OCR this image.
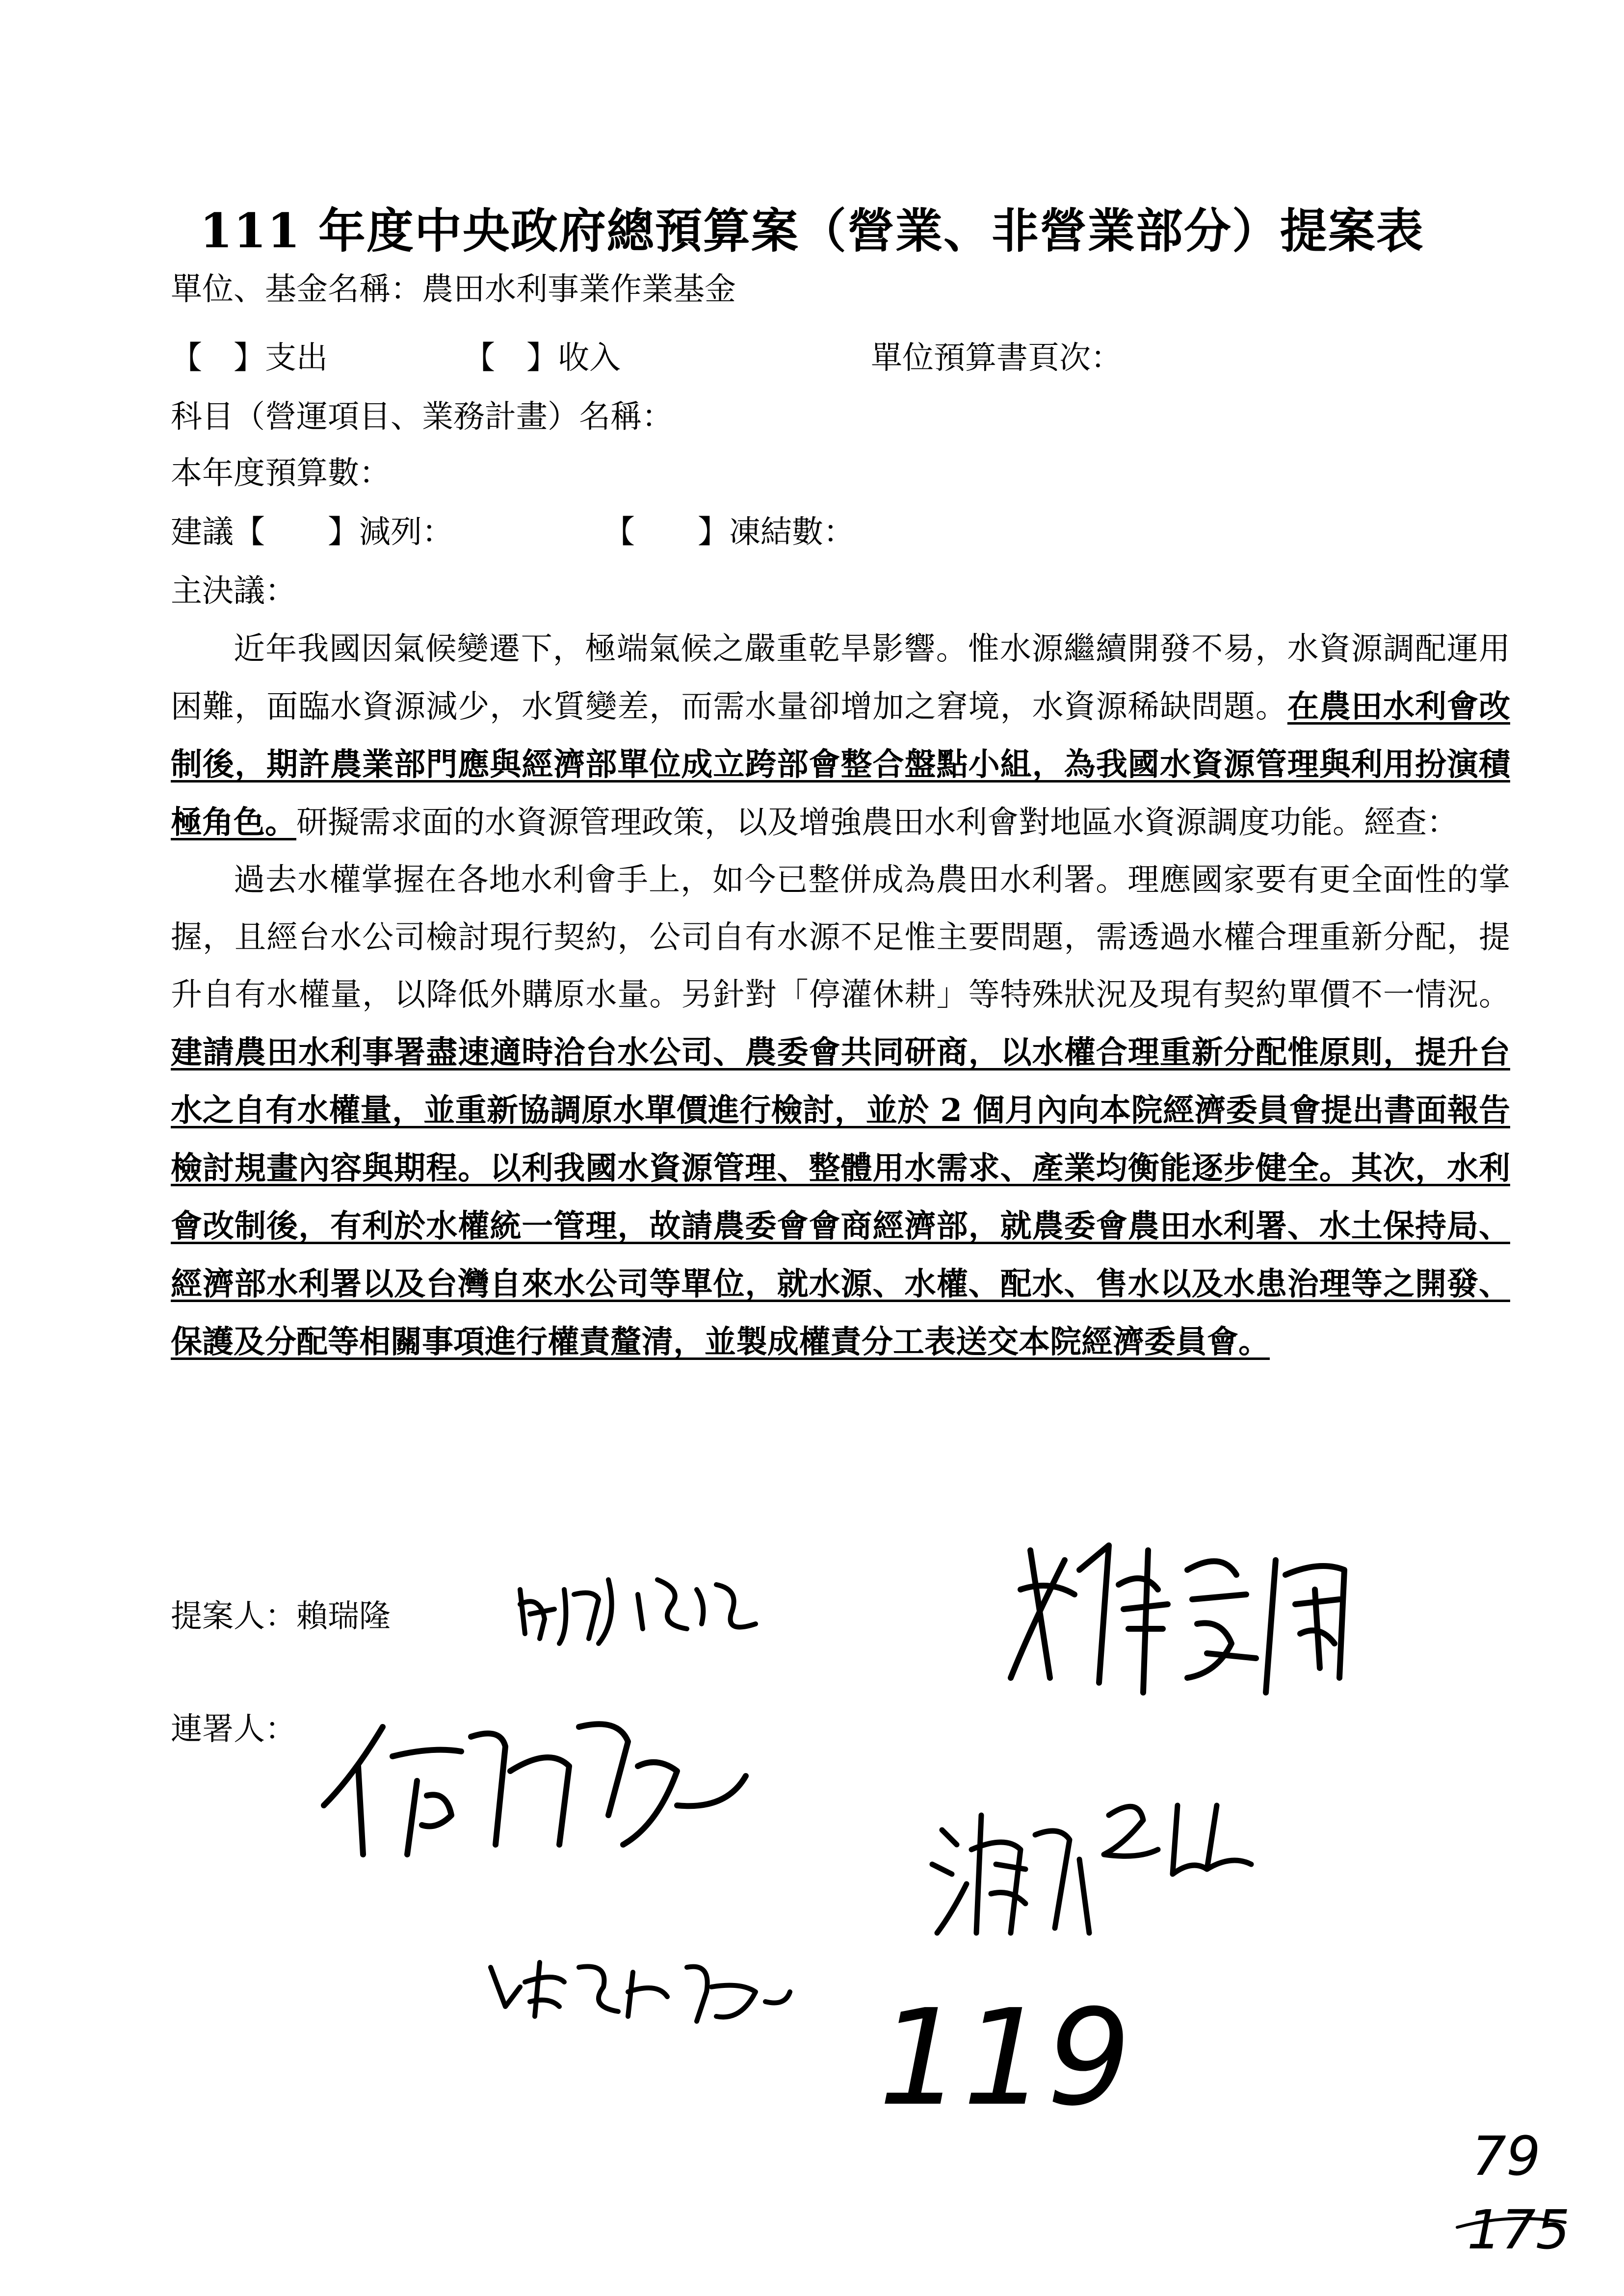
111 年度中央政府總預算案（營業、非營業部分）提案表
單位、基金名稱：農田水利事業作業基金
【　】支出	【　】收入	單位預算書頁次：
科目（營運項目、業務計畫）名稱：
本年度預算數：
建議【　　】減列：	【　　】凍結數：
主決議：

近年我國因氣候變遷下，極端氣候之嚴重乾旱影響。惟水源繼續開發不易，水資源調配運用困難，面臨水資源減少，水質變差，而需水量卻增加之窘境，水資源稀缺問題。在農田水利會改制後，期許農業部門應與經濟部單位成立跨部會整合盤點小組，為我國水資源管理與利用扮演積極角色。研擬需求面的水資源管理政策，以及增強農田水利會對地區水資源調度功能。經查：

過去水權掌握在各地水利會手上，如今已整併成為農田水利署。理應國家要有更全面性的掌握，且經台水公司檢討現行契約，公司自有水源不足惟主要問題，需透過水權合理重新分配，提升自有水權量，以降低外購原水量。另針對「停灌休耕」等特殊狀況及現有契約單價不一情況。建請農田水利事署盡速適時洽台水公司、農委會共同研商，以水權合理重新分配惟原則，提升台水之自有水權量，並重新協調原水單價進行檢討，並於 2 個月內向本院經濟委員會提出書面報告檢討規畫內容與期程。以利我國水資源管理、整體用水需求、產業均衡能逐步健全。其次，水利會改制後，有利於水權統一管理，故請農委會會商經濟部，就農委會農田水利署、水土保持局、經濟部水利署以及台灣自來水公司等單位，就水源、水權、配水、售水以及水患治理等之開發、保護及分配等相關事項進行權責釐清，並製成權責分工表送交本院經濟委員會。

提案人：賴瑞隆
連署人：
119
79
175
